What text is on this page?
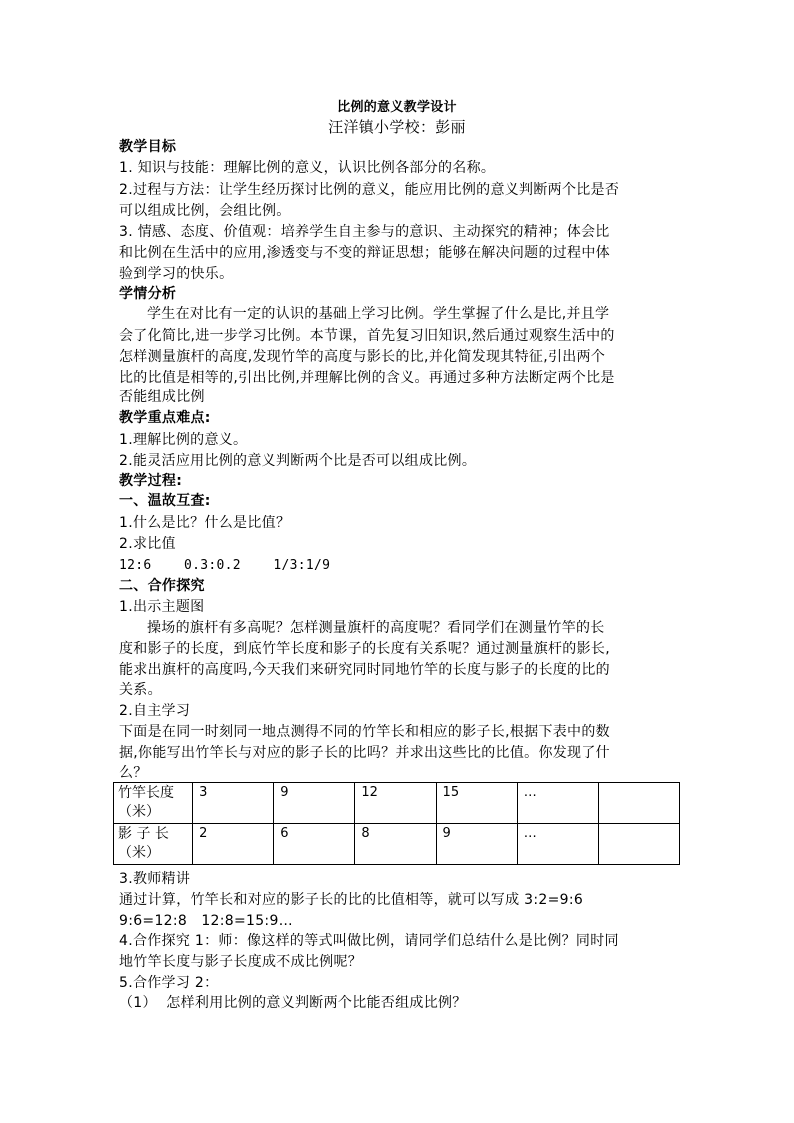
比例的意义教学设计
汪洋镇小学校：彭丽
教学目标
1. 知识与技能：理解比例的意义，认识比例各部分的名称。
2.过程与方法：让学生经历探讨比例的意义，能应用比例的意义判断两个比是否
可以组成比例，会组比例。
3. 情感、态度、价值观：培养学生自主参与的意识、主动探究的精神；体会比
和比例在生活中的应用,渗透变与不变的辩证思想；能够在解决问题的过程中体
验到学习的快乐。
学情分析
学生在对比有一定的认识的基础上学习比例。学生掌握了什么是比,并且学
会了化简比,进一步学习比例。本节课，首先复习旧知识,然后通过观察生活中的
怎样测量旗杆的高度,发现竹竿的高度与影长的比,并化简发现其特征,引出两个
比的比值是相等的,引出比例,并理解比例的含义。再通过多种方法断定两个比是
否能组成比例
教学重点难点:
1.理解比例的意义。
2.能灵活应用比例的意义判断两个比是否可以组成比例。
教学过程:
一、温故互查:
1.什么是比？什么是比值？
2.求比值
12:6    0.3:0.2    1/3:1/9
二、合作探究
1.出示主题图
操场的旗杆有多高呢？怎样测量旗杆的高度呢？看同学们在测量竹竿的长
度和影子的长度，到底竹竿长度和影子的长度有关系呢？通过测量旗杆的影长,
能求出旗杆的高度吗,今天我们来研究同时同地竹竿的长度与影子的长度的比的
关系。
2.自主学习
下面是在同一时刻同一地点测得不同的竹竿长和相应的影子长,根据下表中的数
据,你能写出竹竿长与对应的影子长的比吗？并求出这些比的比值。你发现了什
么？
竹竿长度（米）	3	9	12	15	…	
影 子 长（米）	2	6	8	9	…	
3.教师精讲
通过计算，竹竿长和对应的影子长的比的比值相等，就可以写成 3:2=9:6
9:6=12:8   12:8=15:9…
4.合作探究 1：师：像这样的等式叫做比例，请同学们总结什么是比例？同时同
地竹竿长度与影子长度成不成比例呢？
5.合作学习 2：
（1）  怎样利用比例的意义判断两个比能否组成比例？
